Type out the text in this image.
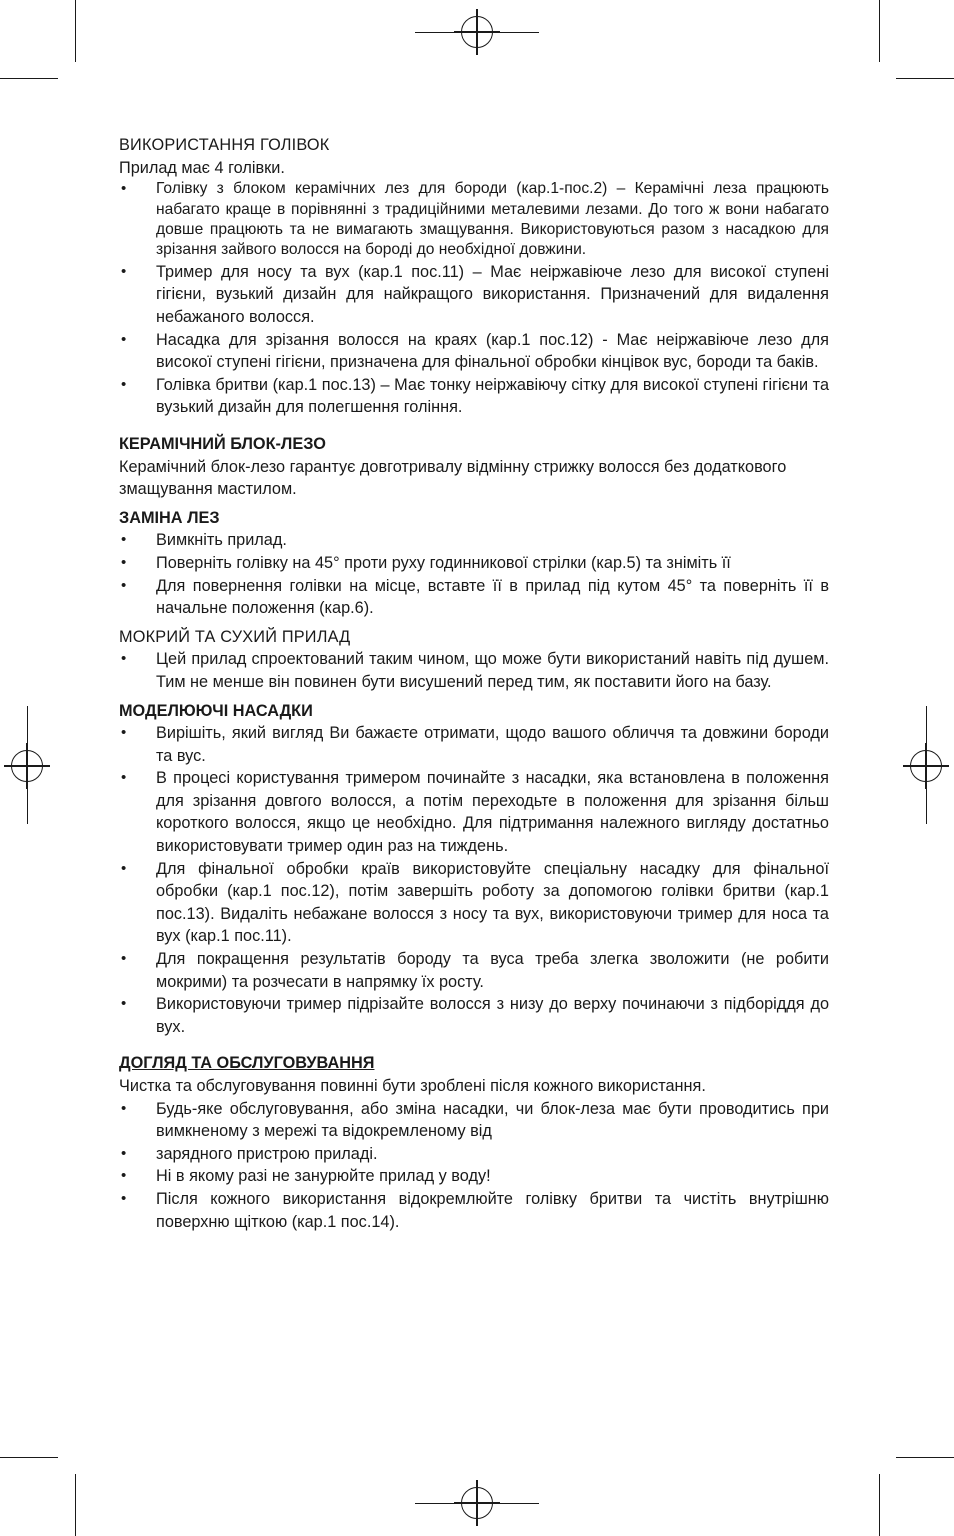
ВИКОРИСТАННЯ ГОЛІВОК
Прилад має 4 голівки.
• Голівку з блоком керамічних лез для бороди (кар.1-пос.2) – Керамічні леза працюють набагато краще в порівнянні з традиційними металевими лезами. До того ж вони набагато довше працюють та не вимагають змащування. Використовуються разом з насадкою для зрізання зайвого волосся на бороді до необхідної довжини.
• Тример для носу та вух (кар.1 пос.11) – Має неіржавіюче лезо для високої ступені гігієни, вузький дизайн для найкращого використання. Призначений для видалення небажаного волосся.
• Насадка для зрізання волосся на краях (кар.1 пос.12) - Має неіржавіюче лезо для високої ступені гігієни, призначена для фінальної обробки кінцівок вус, бороди та баків.
• Голівка бритви (кар.1 пос.13) – Має тонку неіржавіючу сітку для високої ступені гігієни та вузький дизайн для полегшення гоління.
КЕРАМІЧНИЙ БЛОК-ЛЕЗО
Керамічний блок-лезо гарантує довготривалу відмінну стрижку волосся без додаткового змащування мастилом.
ЗАМІНА ЛЕЗ
• Вимкніть прилад.
• Поверніть голівку на 45° проти руху годинникової стрілки (кар.5) та зніміть її
• Для повернення голівки на місце, вставте її в прилад під кутом 45° та поверніть її в начальне положення (кар.6).
МОКРИЙ ТА СУХИЙ ПРИЛАД
• Цей прилад спроектований таким чином, що може бути використаний навіть під душем. Тим не менше він повинен бути висушений перед тим, як поставити його на базу.
МОДЕЛЮЮЧІ НАСАДКИ
• Вирішіть, який вигляд Ви бажаєте отримати, щодо вашого обличчя та довжини бороди та вус.
• В процесі користування тримером починайте з насадки, яка встановлена в положення для зрізання довгого волосся, а потім переходьте в положення для зрізання більш короткого волосся, якщо це необхідно. Для підтримання належного вигляду достатньо використовувати тример один раз на тиждень.
• Для фінальної обробки країв використовуйте спеціальну насадку для фінальної обробки (кар.1 пос.12), потім завершіть роботу за допомогою голівки бритви (кар.1 пос.13). Видаліть небажане волосся з носу та вух, використовуючи тример для носа та вух (кар.1 пос.11).
• Для покращення результатів бороду та вуса треба злегка зволожити (не робити мокрими) та розчесати в напрямку їх росту.
• Використовуючи тример підрізайте волосся з низу до верху починаючи з підборіддя до вух.
ДОГЛЯД ТА ОБСЛУГОВУВАННЯ
Чистка та обслуговування повинні бути зроблені після кожного використання.
• Будь-яке обслуговування, або зміна насадки, чи блок-леза має бути проводитись при вимкненому з мережі та відокремленому від
• зарядного пристрою приладі.
• Ні в якому разі не занурюйте прилад у воду!
• Після кожного використання відокремлюйте голівку бритви та чистіть внутрішню поверхню щіткою (кар.1 пос.14).
